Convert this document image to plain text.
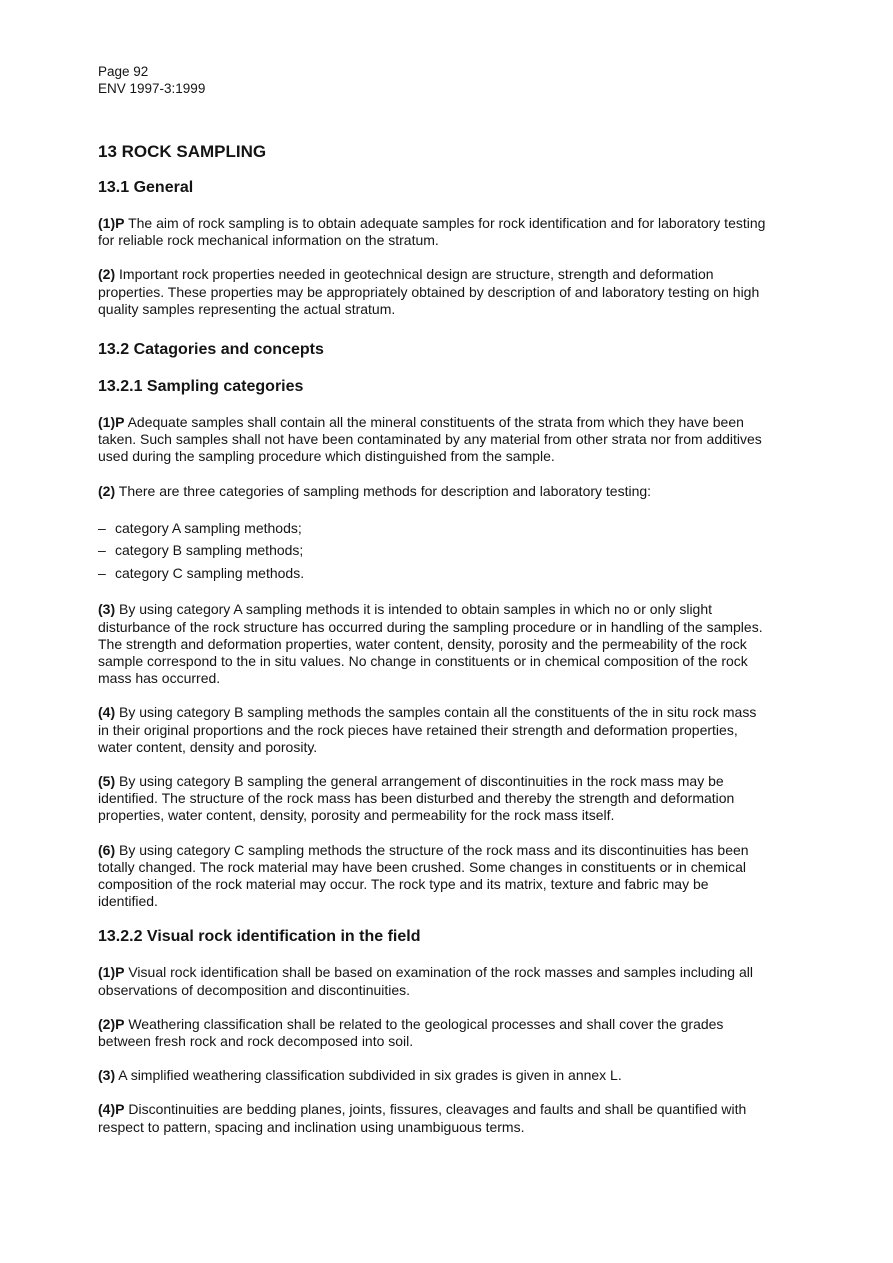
Page 92
ENV 1997-3:1999
13 ROCK SAMPLING
13.1 General

(1)P The aim of rock sampling is to obtain adequate samples for rock identification and for laboratory testing for reliable rock mechanical information on the stratum.

(2) Important rock properties needed in geotechnical design are structure, strength and deformation properties. These properties may be appropriately obtained by description of and laboratory testing on high quality samples representing the actual stratum.

13.2 Catagories and concepts
13.2.1 Sampling categories

(1)P Adequate samples shall contain all the mineral constituents of the strata from which they have been taken. Such samples shall not have been contaminated by any material from other strata nor from additives used during the sampling procedure which distinguished from the sample.

(2) There are three categories of sampling methods for description and laboratory testing:

– category A sampling methods;
– category B sampling methods;
– category C sampling methods.

(3) By using category A sampling methods it is intended to obtain samples in which no or only slight disturbance of the rock structure has occurred during the sampling procedure or in handling of the samples. The strength and deformation properties, water content, density, porosity and the permeability of the rock sample correspond to the in situ values. No change in constituents or in chemical composition of the rock mass has occurred.

(4) By using category B sampling methods the samples contain all the constituents of the in situ rock mass in their original proportions and the rock pieces have retained their strength and deformation properties, water content, density and porosity.

(5) By using category B sampling the general arrangement of discontinuities in the rock mass may be identified. The structure of the rock mass has been disturbed and thereby the strength and deformation properties, water content, density, porosity and permeability for the rock mass itself.

(6) By using category C sampling methods the structure of the rock mass and its discontinuities has been totally changed. The rock material may have been crushed. Some changes in constituents or in chemical composition of the rock material may occur. The rock type and its matrix, texture and fabric may be identified.

13.2.2 Visual rock identification in the field

(1)P Visual rock identification shall be based on examination of the rock masses and samples including all observations of decomposition and discontinuities.

(2)P Weathering classification shall be related to the geological processes and shall cover the grades between fresh rock and rock decomposed into soil.

(3) A simplified weathering classification subdivided in six grades is given in annex L.

(4)P Discontinuities are bedding planes, joints, fissures, cleavages and faults and shall be quantified with respect to pattern, spacing and inclination using unambiguous terms.
